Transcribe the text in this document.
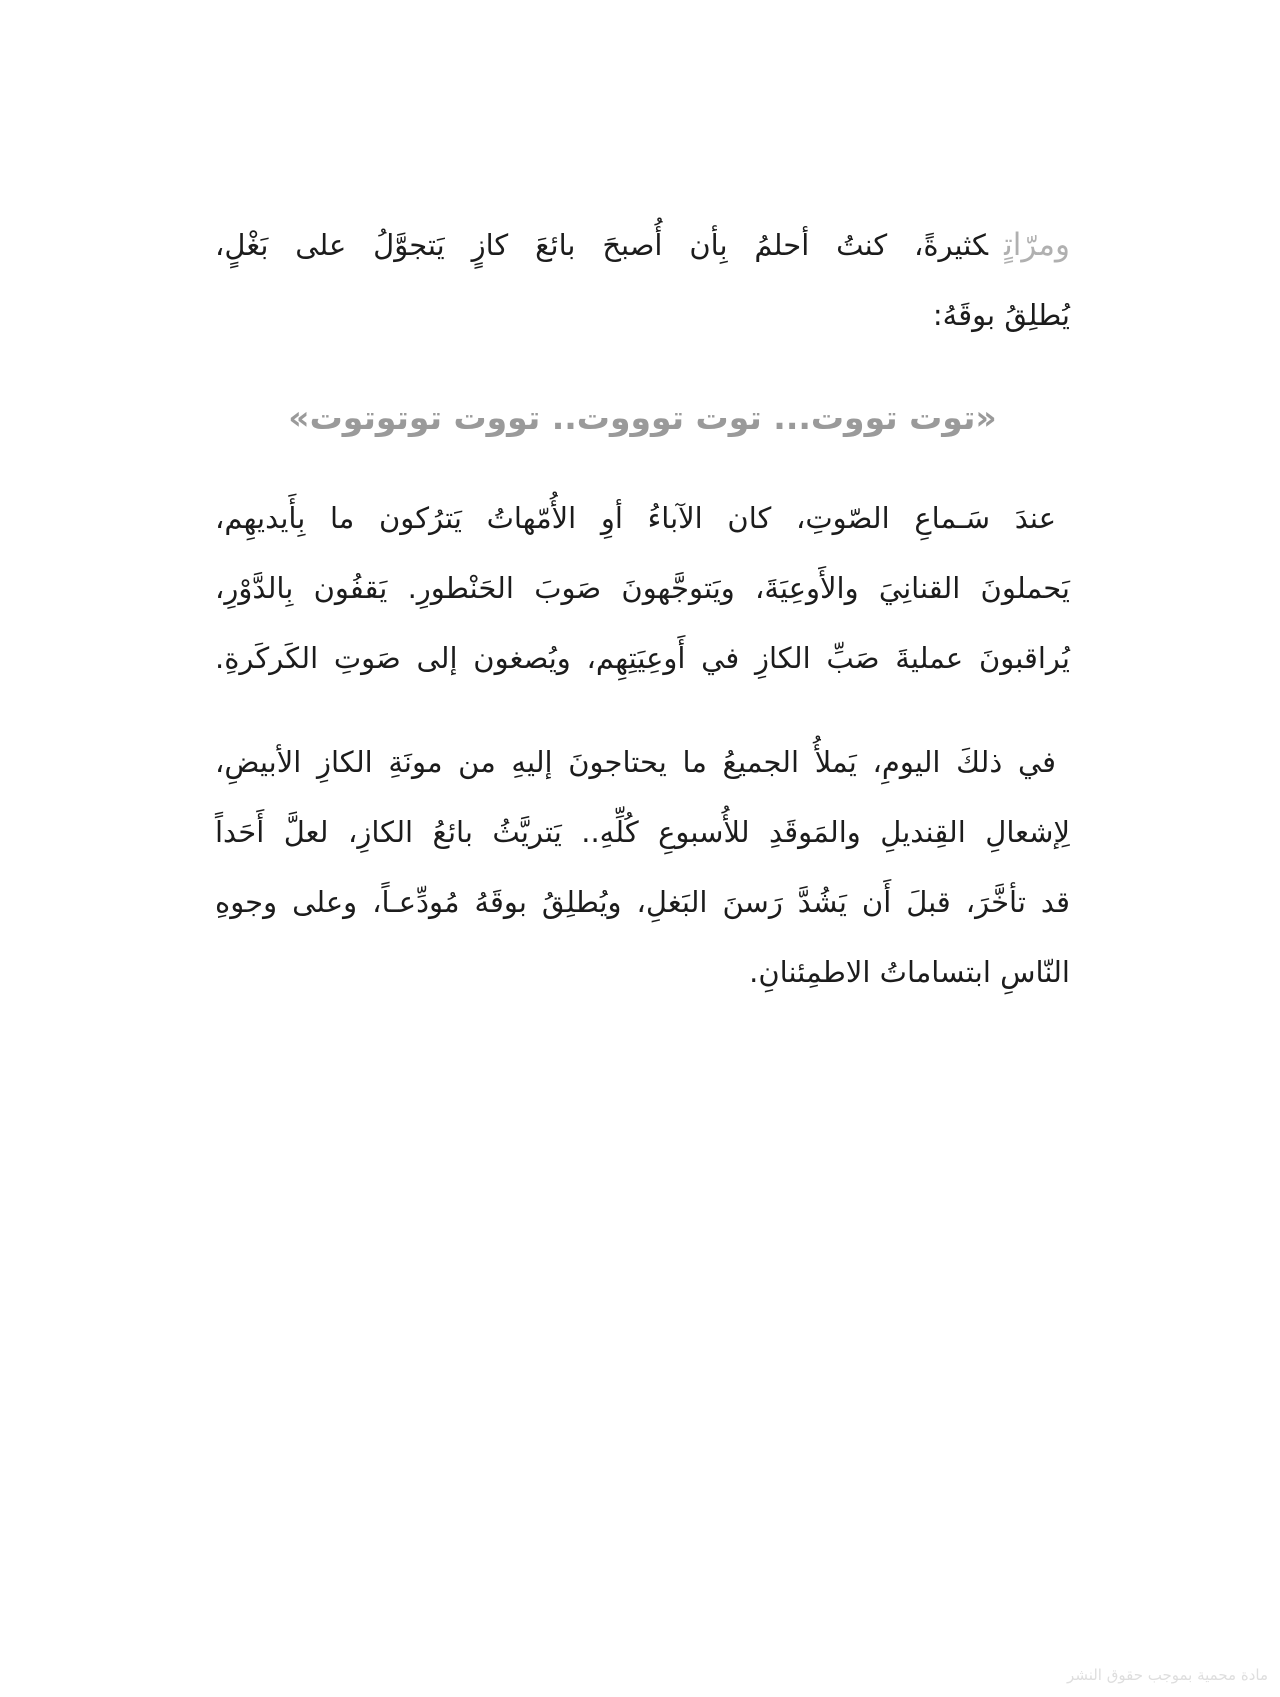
ومرّاتٍكثيرةً، كنتُ أحلمُ بِأن أُصبحَ بائعَ كازٍ يَتجوَّلُ على بَغْلٍ،
يُطلِقُ بوقَهُ:
«توت تووت... توت توووت.. تووت توتوتوت»
عندَ سَـماعِ الصّوتِ، كان الآباءُ أوِ الأُمّهاتُ يَترُكون ما بِأَيديهِم،
يَحملونَ القنانِيَ والأَوعِيَةَ، ويَتوجَّهونَ صَوبَ الحَنْطورِ. يَقفُون بِالدَّوْرِ،
يُراقبونَ عمليةَ صَبِّ الكازِ في أَوعِيَتِهِم، ويُصغون إلى صَوتِ الكَركَرةِ.
في ذلكَ اليومِ، يَملأُ الجميعُ ما يحتاجونَ إليهِ من مونَةِ الكازِ الأبيضِ،
لِإشعالِ القِنديلِ والمَوقَدِ للأُسبوعِ كُلِّهِ.. يَتريَّثُ بائعُ الكازِ، لعلَّ أَحَداً
قد تأخَّرَ، قبلَ أَن يَشُدَّ رَسنَ البَغلِ، ويُطلِقُ بوقَهُ مُودِّعـاً، وعلى وجوهِ
النّاسِ ابتساماتُ الاطمِئنانِ.
مادة محمية بموجب حقوق النشر
